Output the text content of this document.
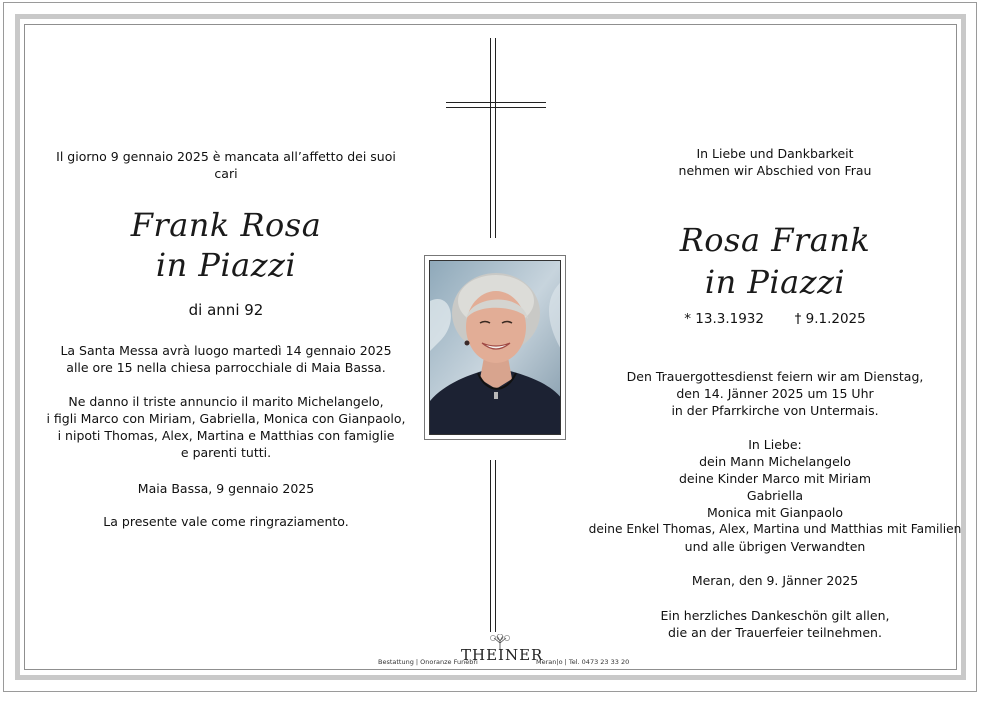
Il giorno 9 gennaio 2025 è mancata all’affetto dei suoi cari
Frank Rosa
in Piazzi
di anni 92
La Santa Messa avrà luogo martedì 14 gennaio 2025
alle ore 15 nella chiesa parrocchiale di Maia Bassa.
Ne danno il triste annuncio il marito Michelangelo,
i figli Marco con Miriam, Gabriella, Monica con Gianpaolo,
i nipoti Thomas, Alex, Martina e Matthias con famiglie
e parenti tutti.
Maia Bassa, 9 gennaio 2025
La presente vale come ringraziamento.
In Liebe und Dankbarkeit
nehmen wir Abschied von Frau
Rosa Frank
in Piazzi
* 13.3.1932 † 9.1.2025
Den Trauergottesdienst feiern wir am Dienstag,
den 14. Jänner 2025 um 15 Uhr
in der Pfarrkirche von Untermais.
In Liebe:
dein Mann Michelangelo
deine Kinder Marco mit Miriam
Gabriella
Monica mit Gianpaolo
deine Enkel Thomas, Alex, Martina und Matthias mit Familien
und alle übrigen Verwandten
Meran, den 9. Jänner 2025
Ein herzliches Dankeschön gilt allen,
die an der Trauerfeier teilnehmen.
Bestattung | Onoranze Funebri
THEINER
Meran|o | Tel. 0473 23 33 20
